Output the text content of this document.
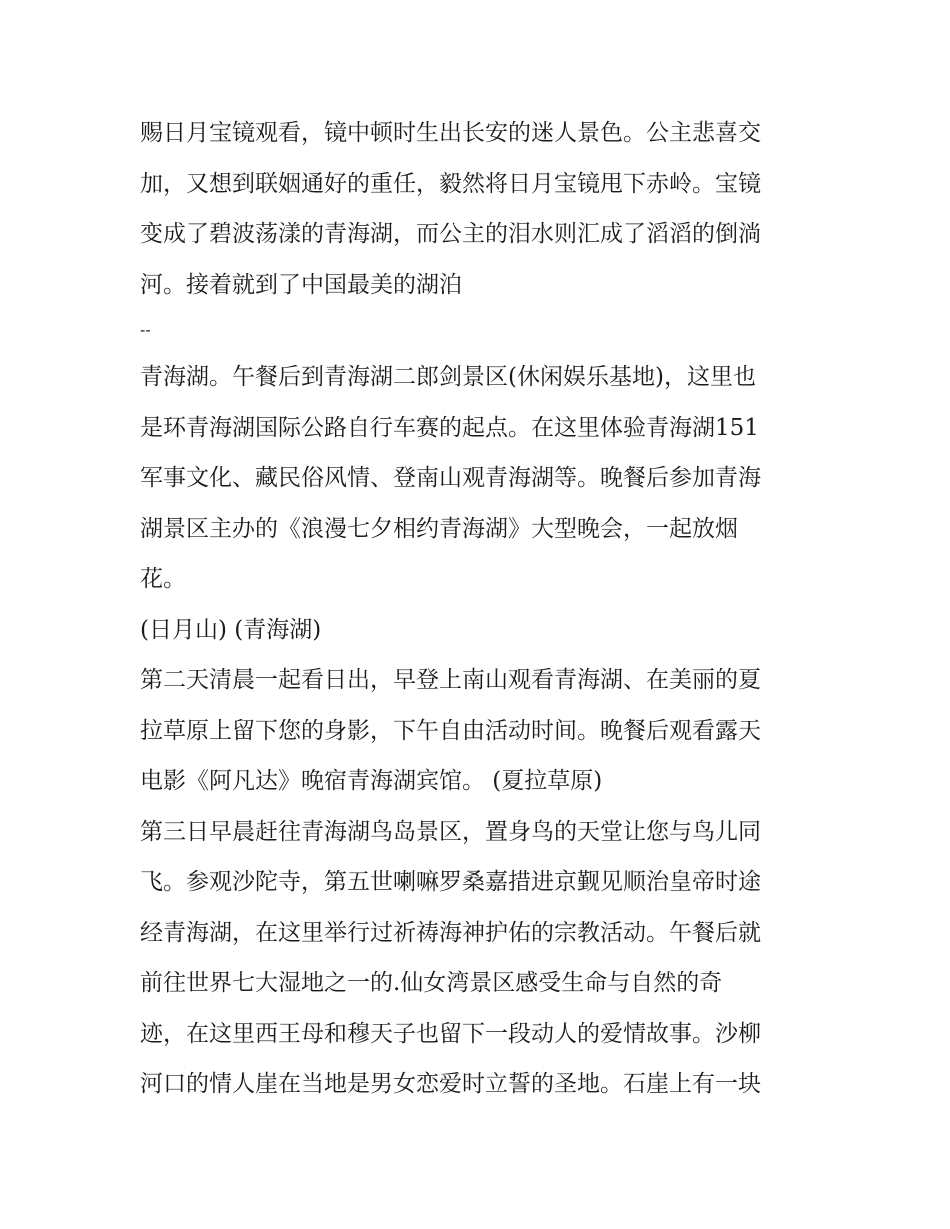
赐日月宝镜观看，镜中顿时生出长安的迷人景色。公主悲喜交
加，又想到联姻通好的重任，毅然将日月宝镜甩下赤岭。宝镜
变成了碧波荡漾的青海湖，而公主的泪水则汇成了滔滔的倒淌
河。接着就到了中国最美的湖泊
--
青海湖。午餐后到青海湖二郎剑景区(休闲娱乐基地)，这里也
是环青海湖国际公路自行车赛的起点。在这里体验青海湖151
军事文化、藏民俗风情、登南山观青海湖等。晚餐后参加青海
湖景区主办的《浪漫七夕相约青海湖》大型晚会，一起放烟
花。
(日月山) (青海湖)
第二天清晨一起看日出，早登上南山观看青海湖、在美丽的夏
拉草原上留下您的身影，下午自由活动时间。晚餐后观看露天
电影《阿凡达》晚宿青海湖宾馆。 (夏拉草原)
第三日早晨赶往青海湖鸟岛景区，置身鸟的天堂让您与鸟儿同
飞。参观沙陀寺，第五世喇嘛罗桑嘉措进京觐见顺治皇帝时途
经青海湖，在这里举行过祈祷海神护佑的宗教活动。午餐后就
前往世界七大湿地之一的.仙女湾景区感受生命与自然的奇
迹，在这里西王母和穆天子也留下一段动人的爱情故事。沙柳
河口的情人崖在当地是男女恋爱时立誓的圣地。石崖上有一块
